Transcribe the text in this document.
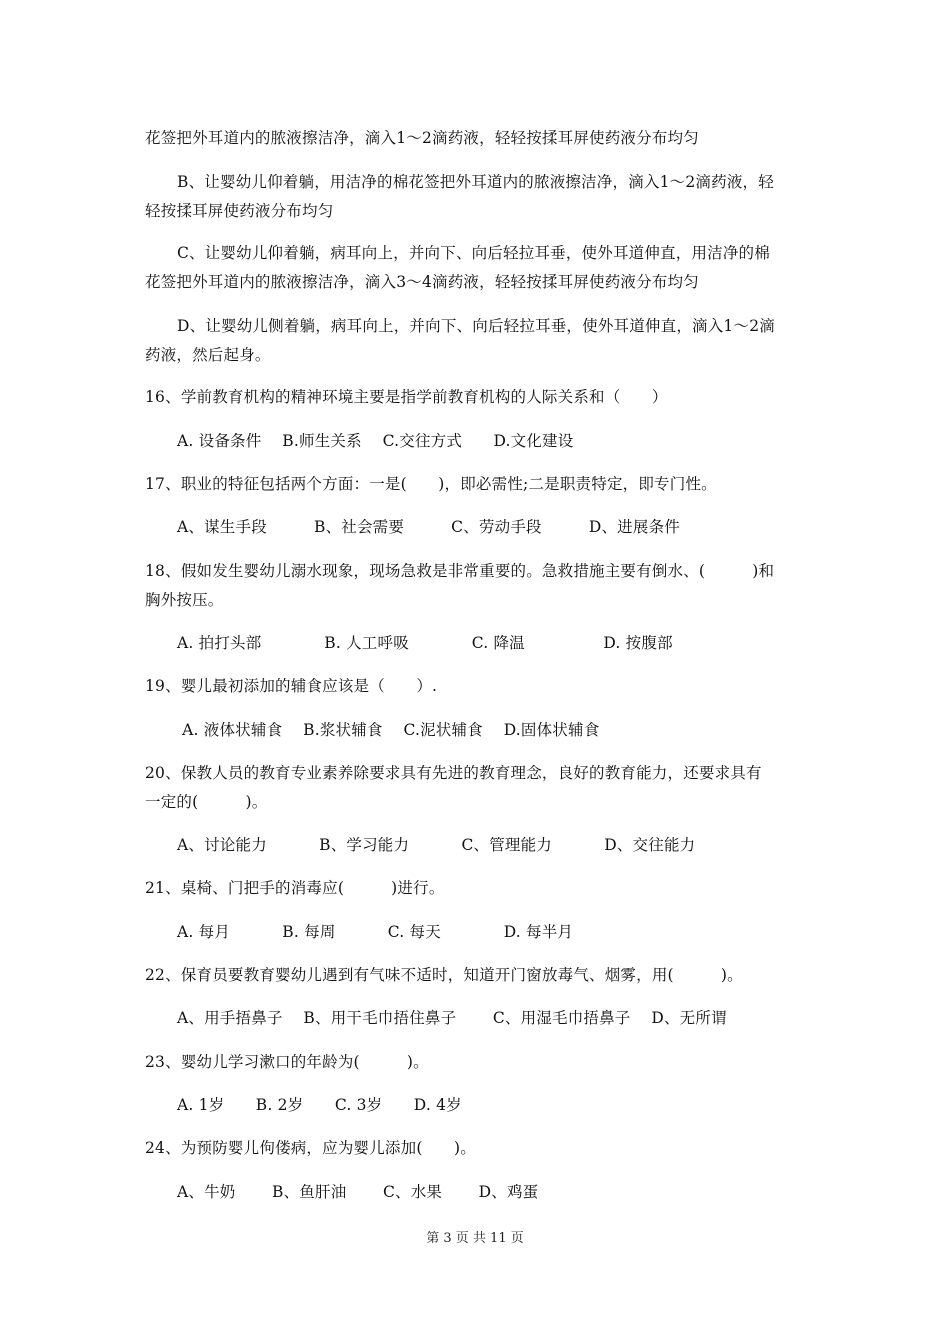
花签把外耳道内的脓液擦洁净，滴入1～2滴药液，轻轻按揉耳屏使药液分布均匀
B、让婴幼儿仰着躺，用洁净的棉花签把外耳道内的脓液擦洁净，滴入1～2滴药液，轻
轻按揉耳屏使药液分布均匀
C、让婴幼儿仰着躺，病耳向上，并向下、向后轻拉耳垂，使外耳道伸直，用洁净的棉
花签把外耳道内的脓液擦洁净，滴入3～4滴药液，轻轻按揉耳屏使药液分布均匀
D、让婴幼儿侧着躺，病耳向上，并向下、向后轻拉耳垂，使外耳道伸直，滴入1～2滴
药液，然后起身。
16、学前教育机构的精神环境主要是指学前教育机构的人际关系和（　　）
A. 设备条件　 B.师生关系　 C.交往方式　　D.文化建设
17、职业的特征包括两个方面：一是(　　)，即必需性;二是职责特定，即专门性。
A、谋生手段　　　B、社会需要　　　C、劳动手段　　　D、进展条件
18、假如发生婴幼儿溺水现象，现场急救是非常重要的。急救措施主要有倒水、(　　　)和
胸外按压。
A. 拍打头部　　　　B. 人工呼吸　　　　C. 降温　　　　　D. 按腹部
19、婴儿最初添加的辅食应该是（　　）.
A. 液体状辅食　 B.浆状辅食　 C.泥状辅食　 D.固体状辅食
20、保教人员的教育专业素养除要求具有先进的教育理念，良好的教育能力，还要求具有
一定的(　　　)。
A、讨论能力　　　 B、学习能力　　　 C、管理能力　　　 D、交往能力
21、桌椅、门把手的消毒应(　　　)进行。
A. 每月　　　 B. 每周　　　 C. 每天　　　　D. 每半月
22、保育员要教育婴幼儿遇到有气味不适时，知道开门窗放毒气、烟雾，用(　　　)。
A、用手捂鼻子　 B、用干毛巾捂住鼻子　　 C、用湿毛巾捂鼻子　 D、无所谓
23、婴幼儿学习漱口的年龄为(　　　)。
A. 1岁　　B. 2岁　　C. 3岁　　D. 4岁
24、为预防婴儿佝偻病，应为婴儿添加(　　)。
A、牛奶　　 B、鱼肝油　　 C、水果　　 D、鸡蛋
第 3 页 共 11 页
